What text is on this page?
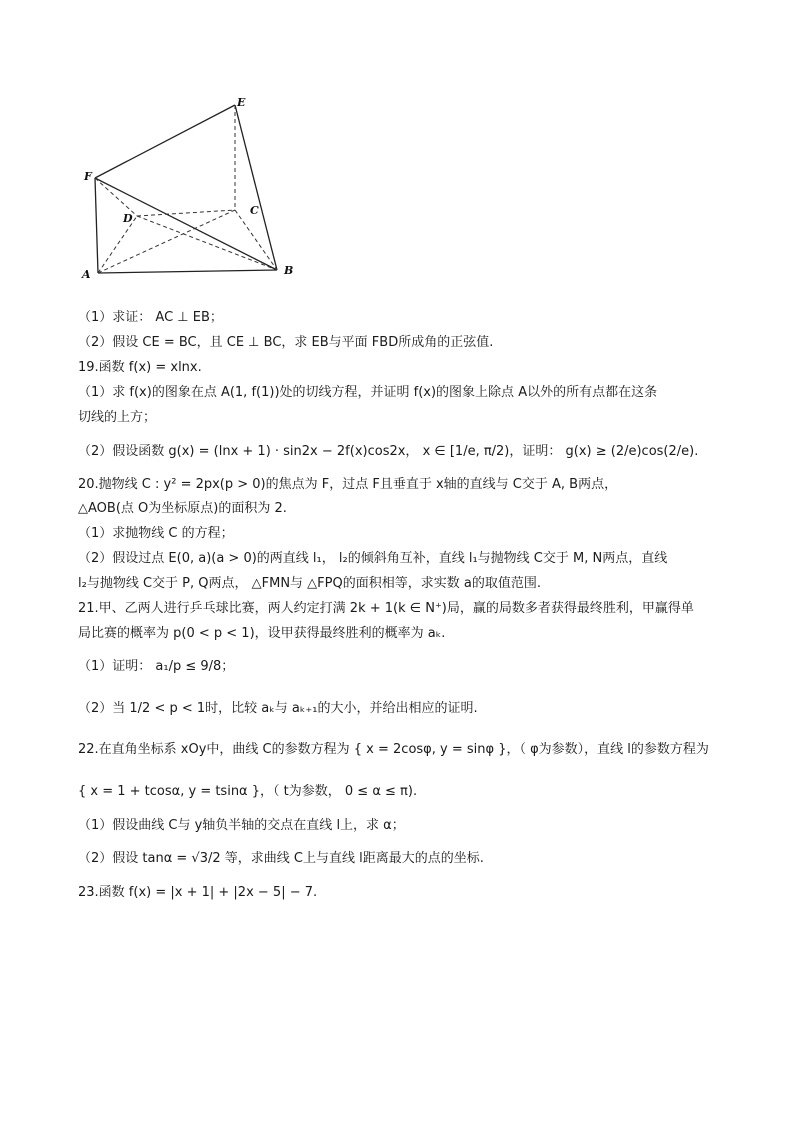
E
F
D
C
A	B
（1）求证： AC ⊥ EB；
（2）假设 CE = BC，且 CE ⊥ BC，求 EB与平面 FBD所成角的正弦值.
19.函数 f(x) = xlnx.
（1）求 f(x)的图象在点 A(1, f(1))处的切线方程，并证明 f(x)的图象上除点 A以外的所有点都在这条
切线的上方；
（2）假设函数 g(x) = (lnx + 1) · sin2x − 2f(x)cos2x， x ∈ [1/e, π/2)，证明： g(x) ≥ (2/e)cos(2/e).
20.抛物线 C : y² = 2px(p > 0)的焦点为 F，过点 F且垂直于 x轴的直线与 C交于 A, B两点，
△AOB(点 O为坐标原点)的面积为 2.
（1）求抛物线 C 的方程；
（2）假设过点 E(0, a)(a > 0)的两直线 l₁， l₂的倾斜角互补，直线 l₁与抛物线 C交于 M, N两点，直线
l₂与抛物线 C交于 P, Q两点， △FMN与 △FPQ的面积相等，求实数 a的取值范围.
21.甲、乙两人进行乒乓球比赛，两人约定打满 2k + 1(k ∈ N⁺)局，赢的局数多者获得最终胜利，甲赢得单
局比赛的概率为 p(0 < p < 1)，设甲获得最终胜利的概率为 aₖ.
（1）证明： a₁/p ≤ 9/8；
（2）当 1/2 < p < 1时，比较 aₖ与 aₖ₊₁的大小，并给出相应的证明.
22.在直角坐标系 xOy中，曲线 C的参数方程为 { x = 2cosφ, y = sinφ }，（ φ为参数），直线 l的参数方程为
{ x = 1 + tcosα, y = tsinα }，（ t为参数， 0 ≤ α ≤ π).
（1）假设曲线 C与 y轴负半轴的交点在直线 l上，求 α；
（2）假设 tanα = √3/2 等，求曲线 C上与直线 l距离最大的点的坐标.
23.函数 f(x) = |x + 1| + |2x − 5| − 7.
